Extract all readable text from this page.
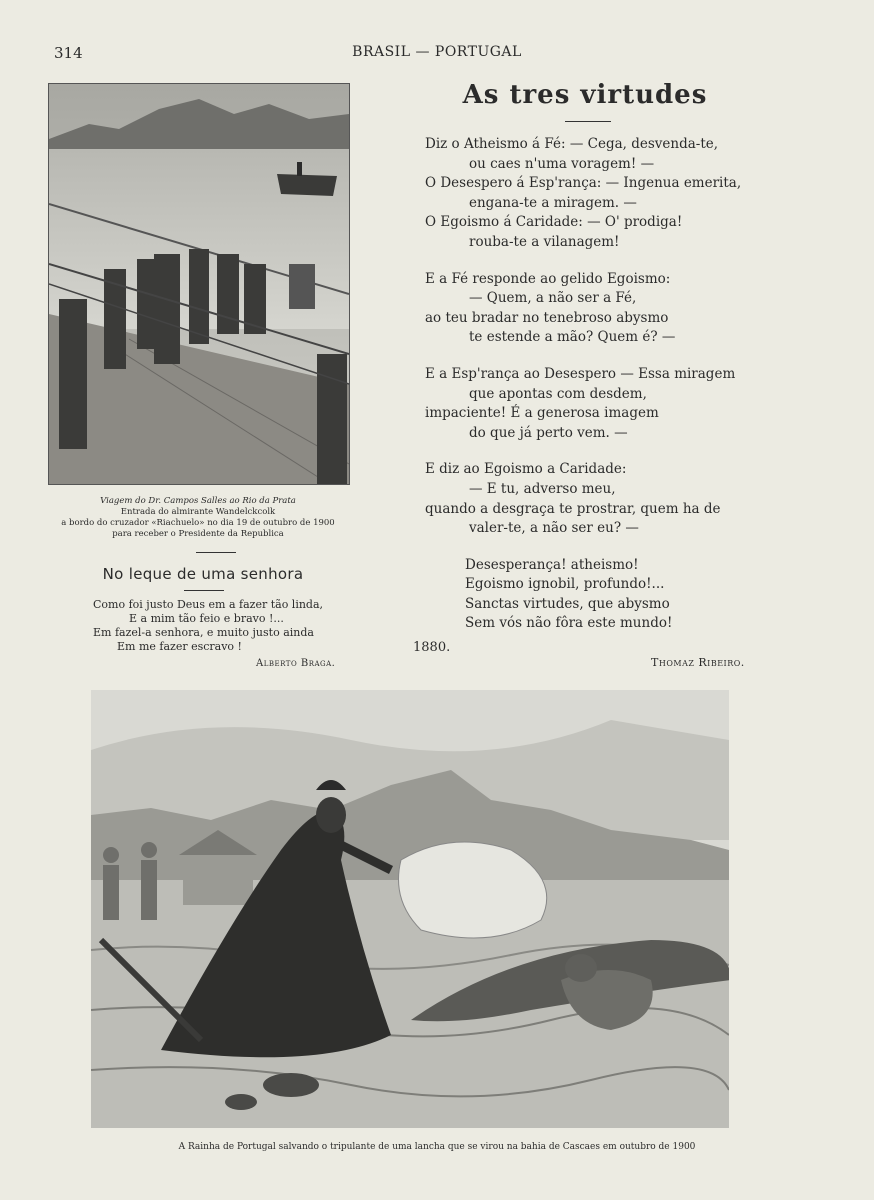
314	BRASIL — PORTUGAL
Viagem do Dr. Campos Salles ao Rio da Prata
Entrada do almirante Wandelckcolk
a bordo do cruzador «Riachuelo» no dia 19 de outubro de 1900
para receber o Presidente da Republica
No leque de uma senhora
Como foi justo Deus em a fazer tão linda,
E a mim tão feio e bravo !...
Em fazel-a senhora, e muito justo ainda
Em me fazer escravo !
Alberto Braga.
As tres virtudes
Diz o Atheismo á Fé: — Cega, desvenda-te,
ou caes n'uma voragem! —
O Desespero á Esp'rança: — Ingenua emerita,
engana-te a miragem. —
O Egoismo á Caridade: — O' prodiga!
rouba-te a vilanagem!
E a Fé responde ao gelido Egoismo:
— Quem, a não ser a Fé,
ao teu bradar no tenebroso abysmo
te estende a mão? Quem é? —
E a Esp'rança ao Desespero — Essa miragem
que apontas com desdem,
impaciente! É a generosa imagem
do que já perto vem. —
E diz ao Egoismo a Caridade:
— E tu, adverso meu,
quando a desgraça te prostrar, quem ha de
valer-te, a não ser eu? —
Desesperança! atheismo!
Egoismo ignobil, profundo!...
Sanctas virtudes, que abysmo
Sem vós não fôra este mundo!
1880.
Thomaz Ribeiro.
A Rainha de Portugal salvando o tripulante de uma lancha que se virou na bahia de Cascaes em outubro de 1900
